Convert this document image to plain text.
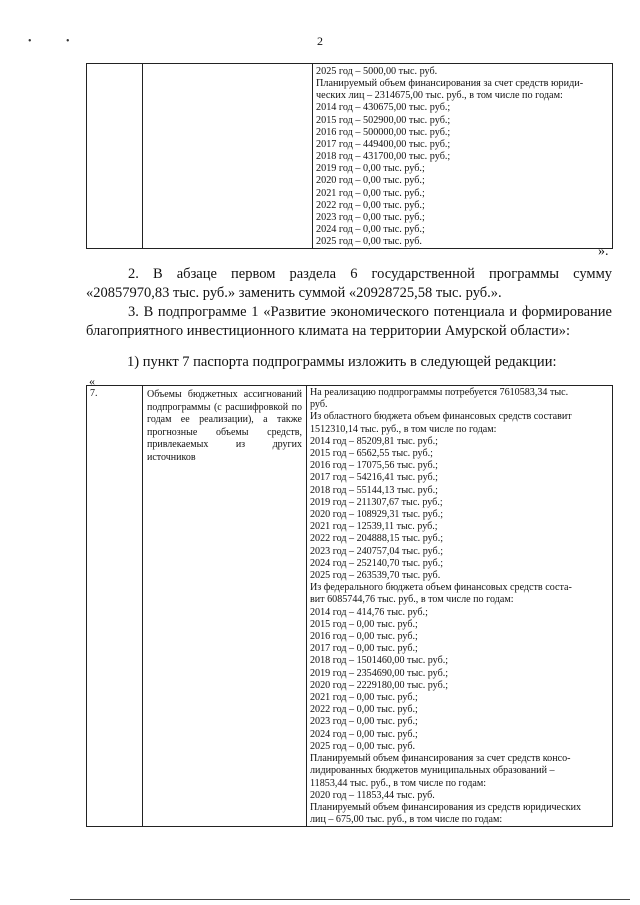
•	•	2

2025 год – 5000,00 тыс. руб.
Планируемый объем финансирования за счет средств юриди-
ческих лиц – 2314675,00 тыс. руб., в том числе по годам:
2014 год – 430675,00 тыс. руб.;
2015 год – 502900,00 тыс. руб.;
2016 год – 500000,00 тыс. руб.;
2017 год – 449400,00 тыс. руб.;
2018 год – 431700,00 тыс. руб.;
2019 год – 0,00 тыс. руб.;
2020 год – 0,00 тыс. руб.;
2021 год – 0,00 тыс. руб.;
2022 год – 0,00 тыс. руб.;
2023 год – 0,00 тыс. руб.;
2024 год – 0,00 тыс. руб.;
2025 год – 0,00 тыс. руб.
».
2. В абзаце первом раздела 6 государственной программы сумму «20857970,83 тыс. руб.» заменить суммой «20928725,58 тыс. руб.».
3. В подпрограмме 1 «Развитие экономического потенциала и формирование благоприятного инвестиционного климата на территории Амурской области»:
1) пункт 7 паспорта подпрограммы изложить в следующей редакции:
«
7.	Объемы бюджетных ассигнований подпрограммы (с расшифровкой по годам ее реализации), а также прогнозные объемы средств, привлекаемых из других источников	
На реализацию подпрограммы потребуется 7610583,34 тыс.
руб.
Из областного бюджета объем финансовых средств составит
1512310,14 тыс. руб., в том числе по годам:
2014 год – 85209,81 тыс. руб.;
2015 год – 6562,55 тыс. руб.;
2016 год – 17075,56 тыс. руб.;
2017 год – 54216,41 тыс. руб.;
2018 год – 55144,13 тыс. руб.;
2019 год – 211307,67 тыс. руб.;
2020 год – 108929,31 тыс. руб.;
2021 год – 12539,11 тыс. руб.;
2022 год – 204888,15 тыс. руб.;
2023 год – 240757,04 тыс. руб.;
2024 год – 252140,70 тыс. руб.;
2025 год – 263539,70 тыс. руб.
Из федерального бюджета объем финансовых средств соста-
вит 6085744,76 тыс. руб., в том числе по годам:
2014 год – 414,76 тыс. руб.;
2015 год – 0,00 тыс. руб.;
2016 год – 0,00 тыс. руб.;
2017 год – 0,00 тыс. руб.;
2018 год – 1501460,00 тыс. руб.;
2019 год – 2354690,00 тыс. руб.;
2020 год – 2229180,00 тыс. руб.;
2021 год – 0,00 тыс. руб.;
2022 год – 0,00 тыс. руб.;
2023 год – 0,00 тыс. руб.;
2024 год – 0,00 тыс. руб.;
2025 год – 0,00 тыс. руб.
Планируемый объем финансирования за счет средств консо-
лидированных бюджетов муниципальных образований –
11853,44 тыс. руб., в том числе по годам:
2020 год – 11853,44 тыс. руб.
Планируемый объем финансирования из средств юридических
лиц – 675,00 тыс. руб., в том числе по годам:
